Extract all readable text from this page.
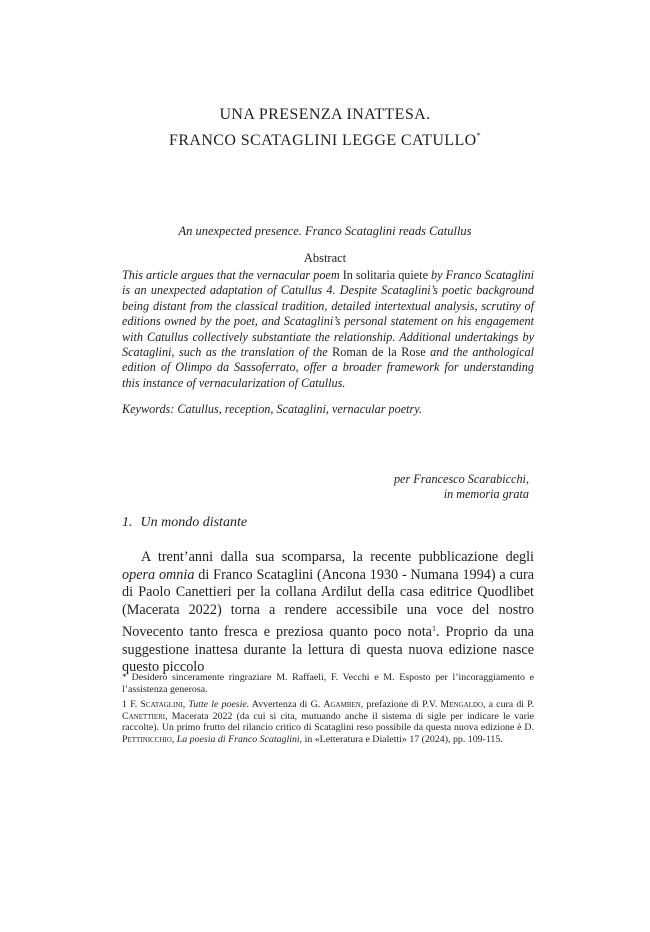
UNA PRESENZA INATTESA.
FRANCO SCATAGLINI LEGGE CATULLO*
An unexpected presence. Franco Scataglini reads Catullus
Abstract
This article argues that the vernacular poem In solitaria quiete by Franco Scataglini is an unexpected adaptation of Catullus 4. Despite Scataglini’s poetic background being distant from the classical tradition, detailed intertextual analysis, scrutiny of editions owned by the poet, and Scataglini’s personal statement on his engagement with Catullus collectively substantiate the relationship. Additional undertakings by Scataglini, such as the translation of the Roman de la Rose and the anthological edition of Olimpo da Sassoferrato, offer a broader framework for understanding this instance of vernacularization of Catullus.
Keywords: Catullus, reception, Scataglini, vernacular poetry.
per Francesco Scarabicchi,
in memoria grata
1. Un mondo distante
A trent’anni dalla sua scomparsa, la recente pubblicazione degli opera omnia di Franco Scataglini (Ancona 1930 - Numana 1994) a cura di Paolo Canettieri per la collana Ardilut della casa editrice Quodlibet (Macerata 2022) torna a rendere accessibile una voce del nostro Novecento tanto fresca e preziosa quanto poco nota$^1$. Proprio da una suggestione inattesa durante la lettura di questa nuova edizione nasce questo piccolo

* Desidero sinceramente ringraziare M. Raffaeli, F. Vecchi e M. Esposto per l’incoraggiamento e l’assistenza generosa.

1 F. Scataglini, Tutte le poesie. Avvertenza di G. Agamben, prefazione di P.V. Mengaldo, a cura di P. Canettieri, Macerata 2022 (da cui si cita, mutuando anche il sistema di sigle per indicare le varie raccolte). Un primo frutto del rilancio critico di Scataglini reso possibile da questa nuova edizione è D. Pettinicchio, La poesia di Franco Scataglini, in «Letteratura e Dialetti» 17 (2024), pp. 109-115.
